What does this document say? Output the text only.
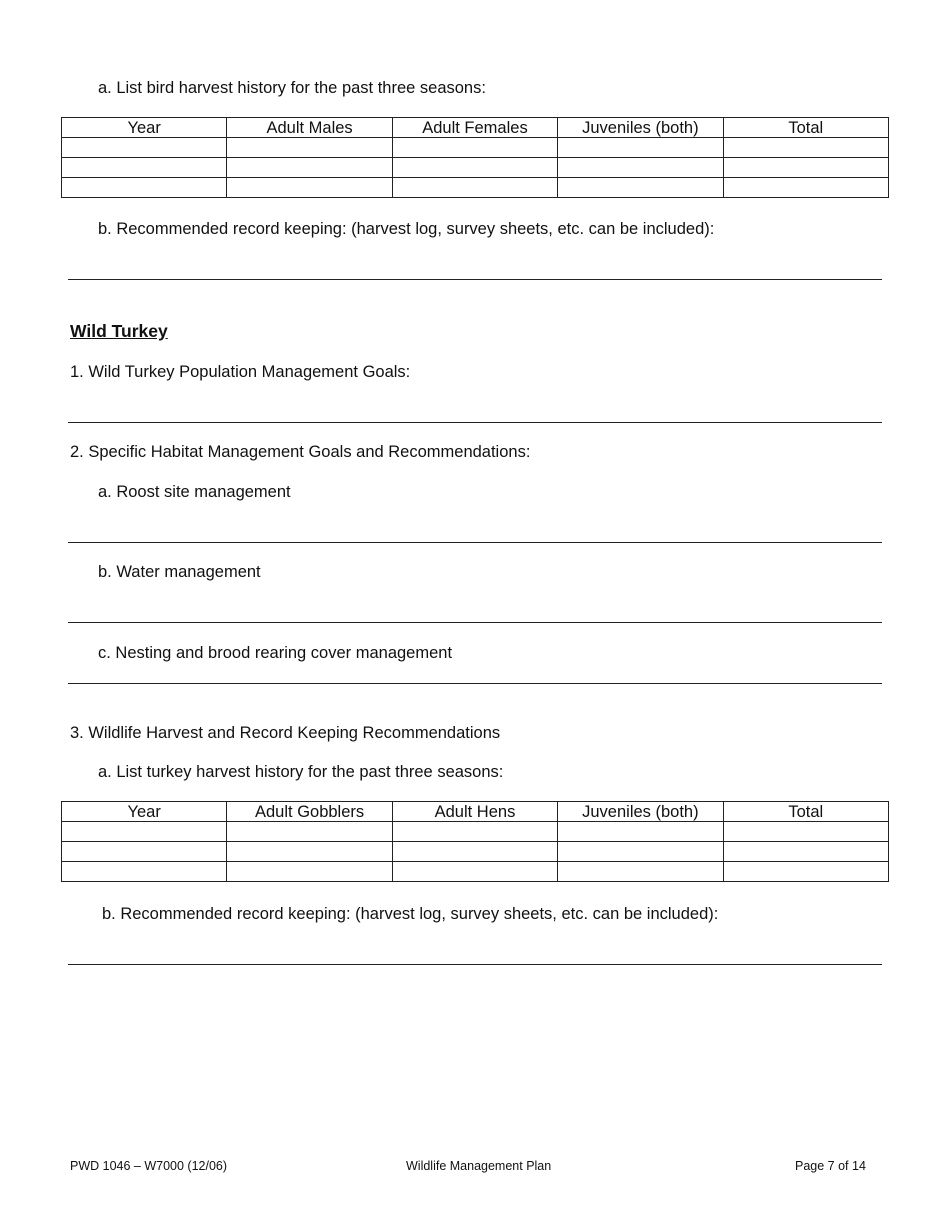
a. List bird harvest history for the past three seasons:
Year	Adult Males	Adult Females	Juveniles (both)	Total

b. Recommended record keeping: (harvest log, survey sheets, etc. can be included):
Wild Turkey
1. Wild Turkey Population Management Goals:
2. Specific Habitat Management Goals and Recommendations:
a. Roost site management
b. Water management
c. Nesting and brood rearing cover management
3. Wildlife Harvest and Record Keeping Recommendations
a. List turkey harvest history for the past three seasons:
Year	Adult Gobblers	Adult Hens	Juveniles (both)	Total

b. Recommended record keeping: (harvest log, survey sheets, etc. can be included):
PWD 1046 – W7000 (12/06)	Wildlife Management Plan	Page 7 of 14
